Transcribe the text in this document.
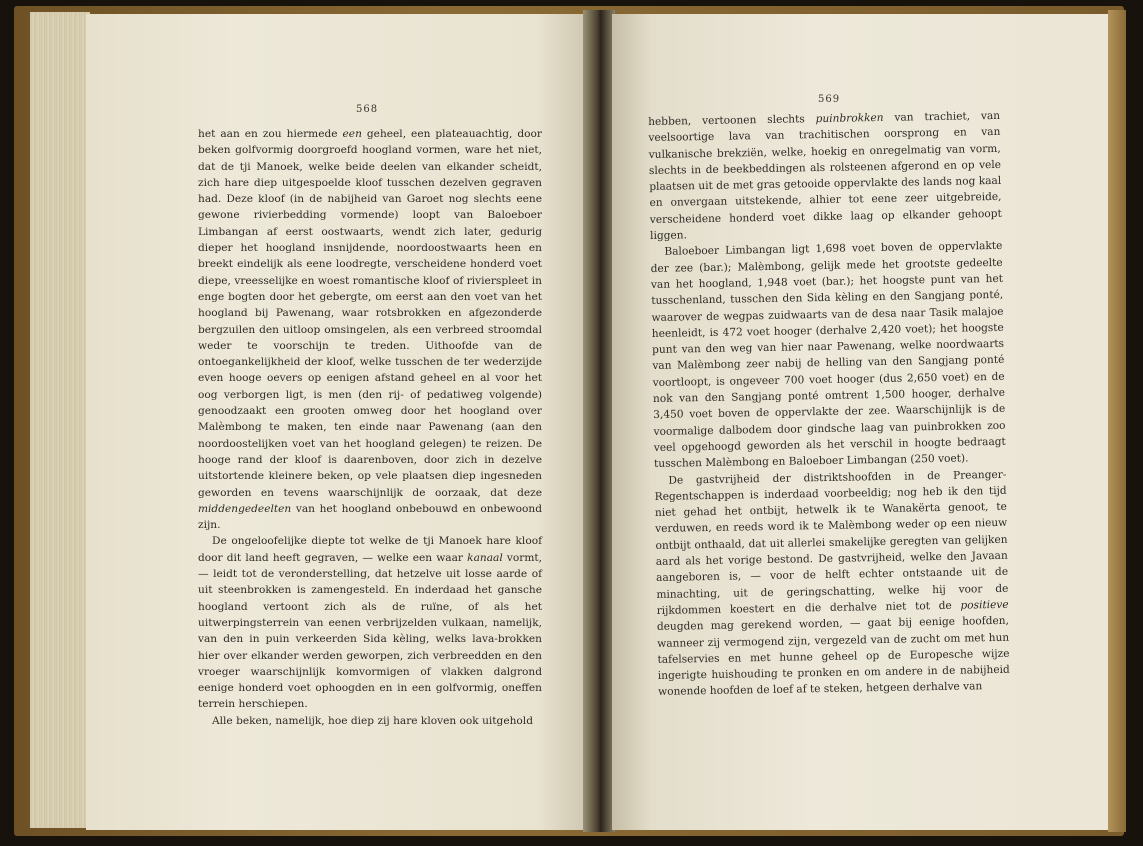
568

het aan en zou hiermede een geheel, een plateauachtig, door beken golfvormig doorgroefd hoogland vormen, ware het niet, dat de tji Manoek, welke beide deelen van elkander scheidt, zich hare diep uitgespoelde kloof tusschen dezelven gegraven had. Deze kloof (in de nabijheid van Garoet nog slechts eene gewone rivierbedding vormende) loopt van Baloeboer Limbangan af eerst oostwaarts, wendt zich later, gedurig dieper het hoogland insnijdende, noordoostwaarts heen en breekt eindelijk als eene loodregte, verscheidene honderd voet diepe, vreesselijke en woest romantische kloof of rivierspleet in enge bogten door het gebergte, om eerst aan den voet van het hoogland bij Pawenang, waar rotsbrokken en afgezonderde bergzuilen den uitloop omsingelen, als een verbreed stroomdal weder te voorschijn te treden. Uithoofde van de ontoegankelijkheid der kloof, welke tusschen de ter wederzijde even hooge oevers op eenigen afstand geheel en al voor het oog verborgen ligt, is men (den rij- of pedatiweg volgende) genoodzaakt een grooten omweg door het hoogland over Malèmbong te maken, ten einde naar Pawenang (aan den noordoostelijken voet van het hoogland gelegen) te reizen. De hooge rand der kloof is daarenboven, door zich in dezelve uitstortende kleinere beken, op vele plaatsen diep ingesneden geworden en tevens waarschijnlijk de oorzaak, dat deze middengedeelten van het hoogland onbebouwd en onbewoond zijn.

De ongeloofelijke diepte tot welke de tji Manoek hare kloof door dit land heeft gegraven, — welke een waar kanaal vormt, — leidt tot de veronderstelling, dat hetzelve uit losse aarde of uit steenbrokken is zamengesteld. En inderdaad het gansche hoogland vertoont zich als de ruïne, of als het uitwerpingsterrein van eenen verbrijzelden vulkaan, namelijk, van den in puin verkeerden Sida kèling, welks lava-brokken hier over elkander werden geworpen, zich verbreedden en den vroeger waarschijnlijk komvormigen of vlakken dalgrond eenige honderd voet ophoogden en in een golfvormig, oneffen terrein herschiepen.

Alle beken, namelijk, hoe diep zij hare kloven ook uitgehold

569

hebben, vertoonen slechts puinbrokken van trachiet, van veelsoortige lava van trachitischen oorsprong en van vulkanische brekziën, welke, hoekig en onregelmatig van vorm, slechts in de beekbeddingen als rolsteenen afgerond en op vele plaatsen uit de met gras getooide oppervlakte des lands nog kaal en onvergaan uitstekende, alhier tot eene zeer uitgebreide, verscheidene honderd voet dikke laag op elkander gehoopt liggen.

Baloeboer Limbangan ligt 1,698 voet boven de oppervlakte der zee (bar.); Malèmbong, gelijk mede het grootste gedeelte van het hoogland, 1,948 voet (bar.); het hoogste punt van het tusschenland, tusschen den Sida kèling en den Sangjang ponté, waarover de wegpas zuidwaarts van de desa naar Tasik malajoe heenleidt, is 472 voet hooger (derhalve 2,420 voet); het hoogste punt van den weg van hier naar Pawenang, welke noordwaarts van Malèmbong zeer nabij de helling van den Sangjang ponté voortloopt, is ongeveer 700 voet hooger (dus 2,650 voet) en de nok van den Sangjang ponté omtrent 1,500 hooger, derhalve 3,450 voet boven de oppervlakte der zee. Waarschijnlijk is de voormalige dalbodem door gindsche laag van puinbrokken zoo veel opgehoogd geworden als het verschil in hoogte bedraagt tusschen Malèmbong en Baloeboer Limbangan (250 voet).

De gastvrijheid der distriktshoofden in de Preanger-Regentschappen is inderdaad voorbeeldig; nog heb ik den tijd niet gehad het ontbijt, hetwelk ik te Wanakërta genoot, te verduwen, en reeds word ik te Malèmbong weder op een nieuw ontbijt onthaald, dat uit allerlei smakelijke geregten van gelijken aard als het vorige bestond. De gastvrijheid, welke den Javaan aangeboren is, — voor de helft echter ontstaande uit de minachting, uit de geringschatting, welke hij voor de rijkdommen koestert en die derhalve niet tot de positieve deugden mag gerekend worden, — gaat bij eenige hoofden, wanneer zij vermogend zijn, vergezeld van de zucht om met hun tafelservies en met hunne geheel op de Europesche wijze ingerigte huishouding te pronken en om andere in de nabijheid wonende hoofden de loef af te steken, hetgeen derhalve van
